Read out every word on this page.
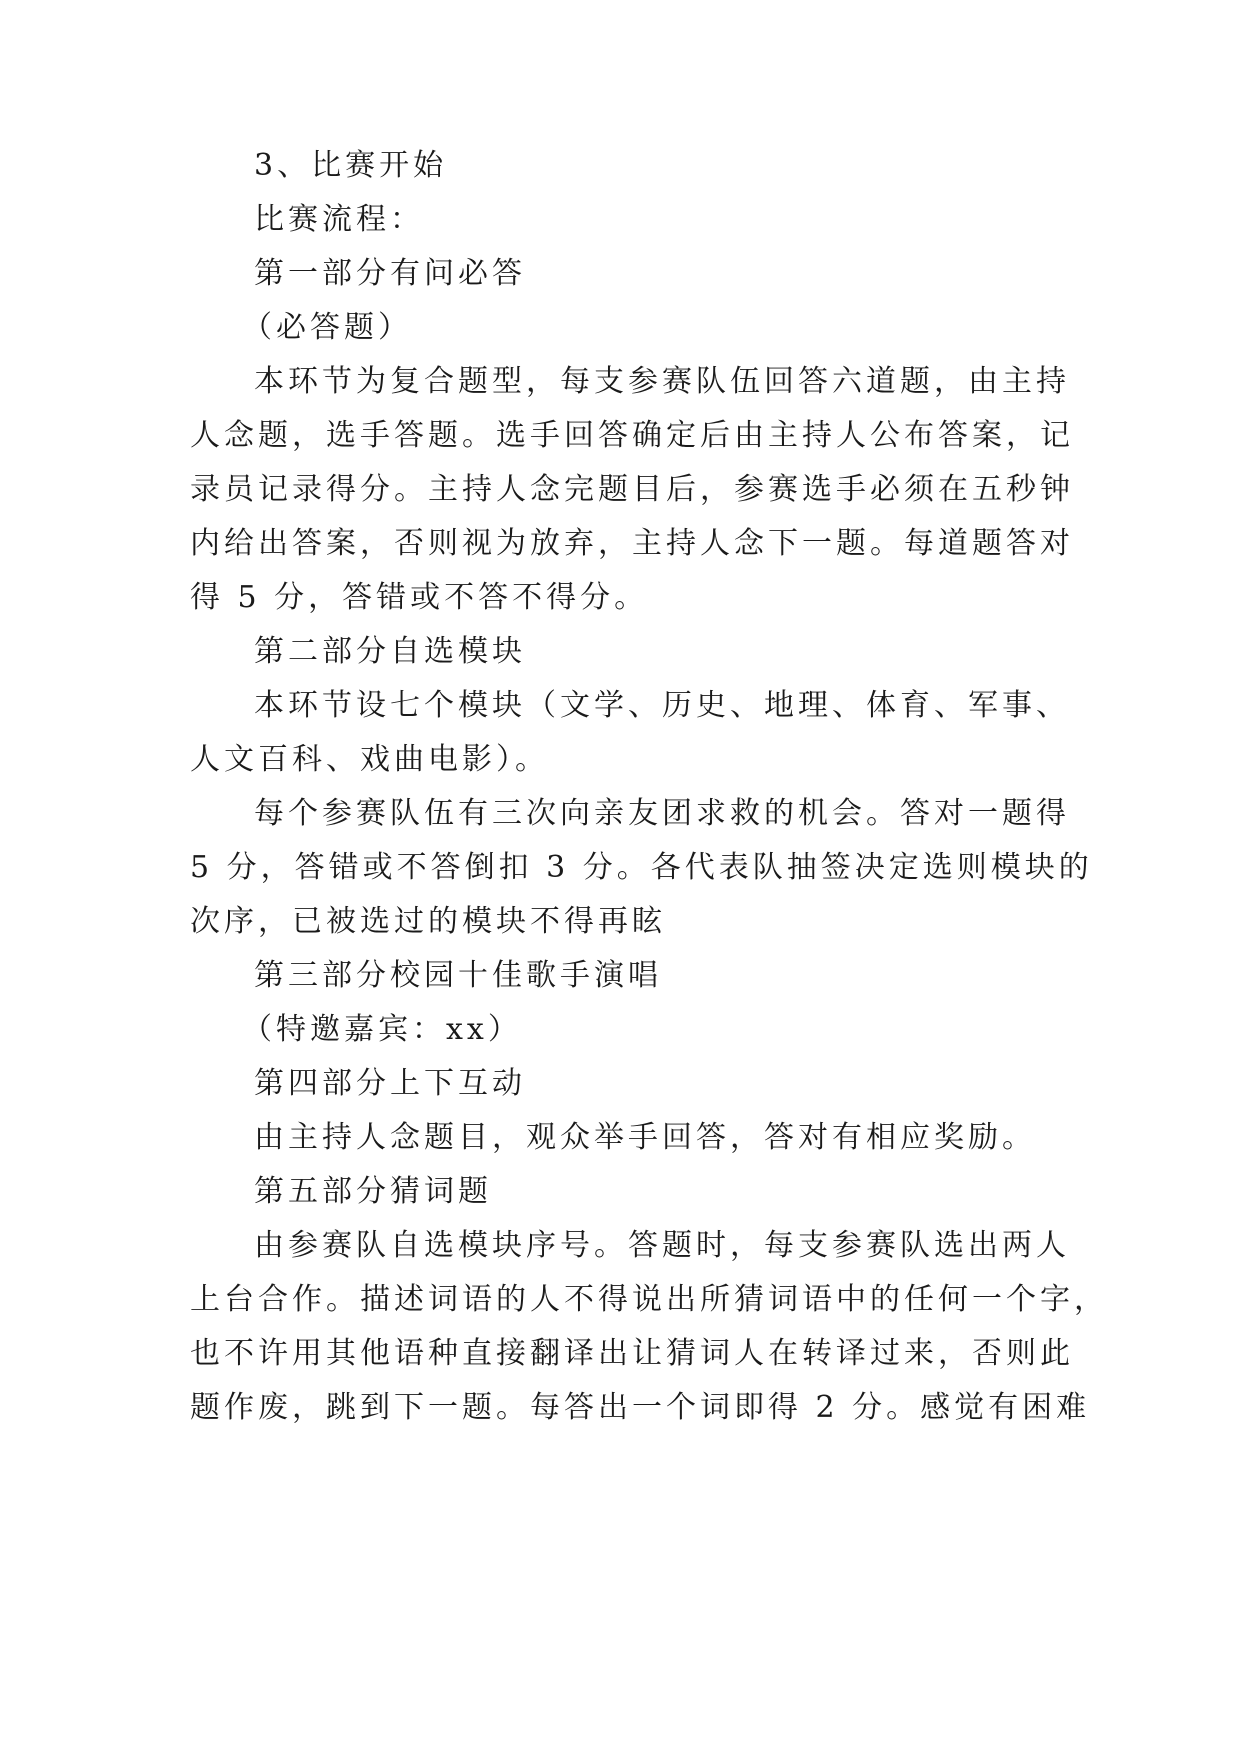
3、比赛开始
比赛流程：
第一部分有问必答
（必答题）
本环节为复合题型，每支参赛队伍回答六道题，由主持
人念题，选手答题。选手回答确定后由主持人公布答案，记
录员记录得分。主持人念完题目后，参赛选手必须在五秒钟
内给出答案，否则视为放弃，主持人念下一题。每道题答对
得 5 分，答错或不答不得分。
第二部分自选模块
本环节设七个模块（文学、历史、地理、体育、军事、
人文百科、戏曲电影）。
每个参赛队伍有三次向亲友团求救的机会。答对一题得
5 分，答错或不答倒扣 3 分。各代表队抽签决定选则模块的
次序，已被选过的模块不得再眩
第三部分校园十佳歌手演唱
（特邀嘉宾：xx）
第四部分上下互动
由主持人念题目，观众举手回答，答对有相应奖励。
第五部分猜词题
由参赛队自选模块序号。答题时，每支参赛队选出两人
上台合作。描述词语的人不得说出所猜词语中的任何一个字，
也不许用其他语种直接翻译出让猜词人在转译过来，否则此
题作废，跳到下一题。每答出一个词即得 2 分。感觉有困难
